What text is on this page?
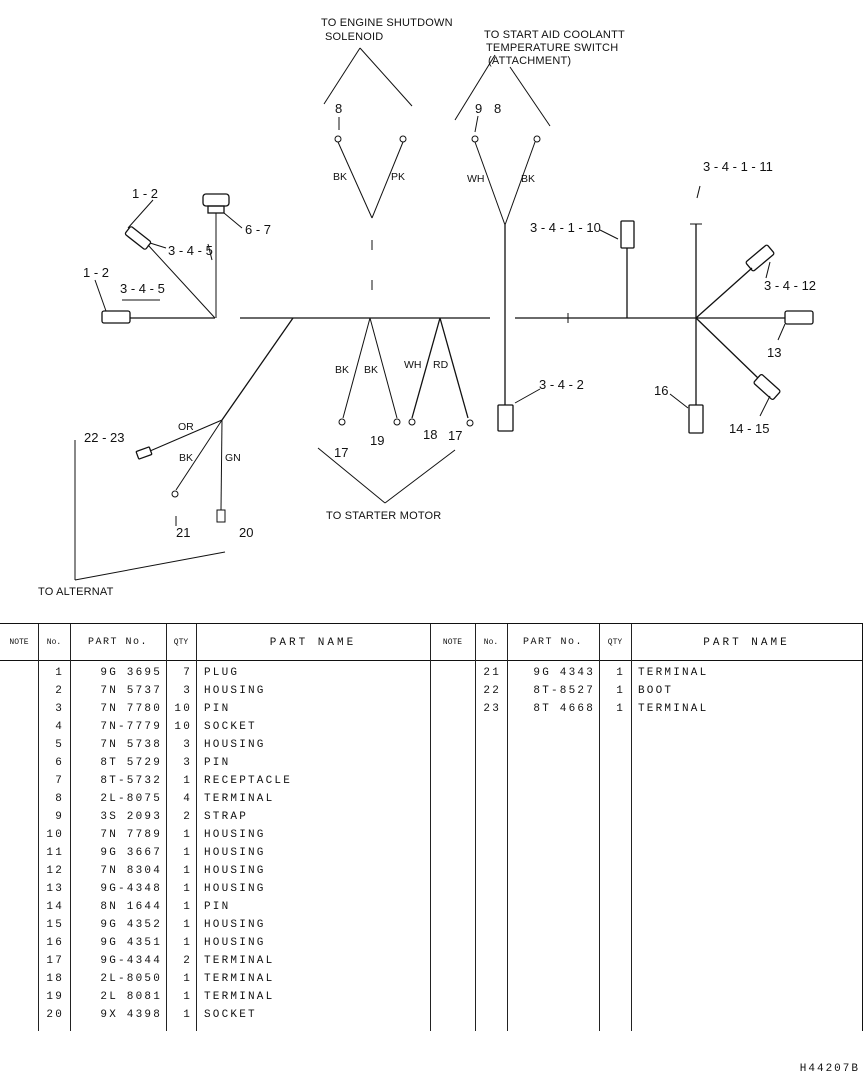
TO ENGINE SHUTDOWN
SOLENOID	TO START AID COOLANTT
TEMPERATURE SWITCH
(ATTACHMENT)
TO STARTER MOTOR
TO ALTERNAT
1 - 2
3 - 4 - 5
6 - 7
1 - 2
3 - 4 - 5
8	9 8
3 - 4 - 1 - 10
3 - 4 - 1 - 11
3 - 4 - 12
13
16
14 - 15
3 - 4 - 2
17
19	18 17
22 - 23
21	20
BK	PK	WH	BK
BK BK WH RD
OR
BK	GN
NOTE	No.	PART No.	QTY	PART NAME	NOTE	No.	PART No.	QTY	PART NAME
1	9G 3695	7 PLUG
2	7N 5737	3 HOUSING
3	7N 7780	10 PIN
4	7N-7779	10 SOCKET
5	7N 5738	3 HOUSING
6	8T 5729	3 PIN
7	8T-5732	1 RECEPTACLE
8	2L-8075	4 TERMINAL
9	3S 2093	2 STRAP
10	7N 7789	1 HOUSING
11	9G 3667	1 HOUSING
12	7N 8304	1 HOUSING
13	9G-4348	1 HOUSING
14	8N 1644	1 PIN
15	9G 4352	1 HOUSING
16	9G 4351	1 HOUSING
17	9G-4344	2 TERMINAL
18	2L-8050	1 TERMINAL
19	2L 8081	1 TERMINAL
20	9X 4398	1 SOCKET
21	9G 4343	1 TERMINAL
22	8T-8527	1 BOOT
23	8T 4668	1 TERMINAL
H44207B
